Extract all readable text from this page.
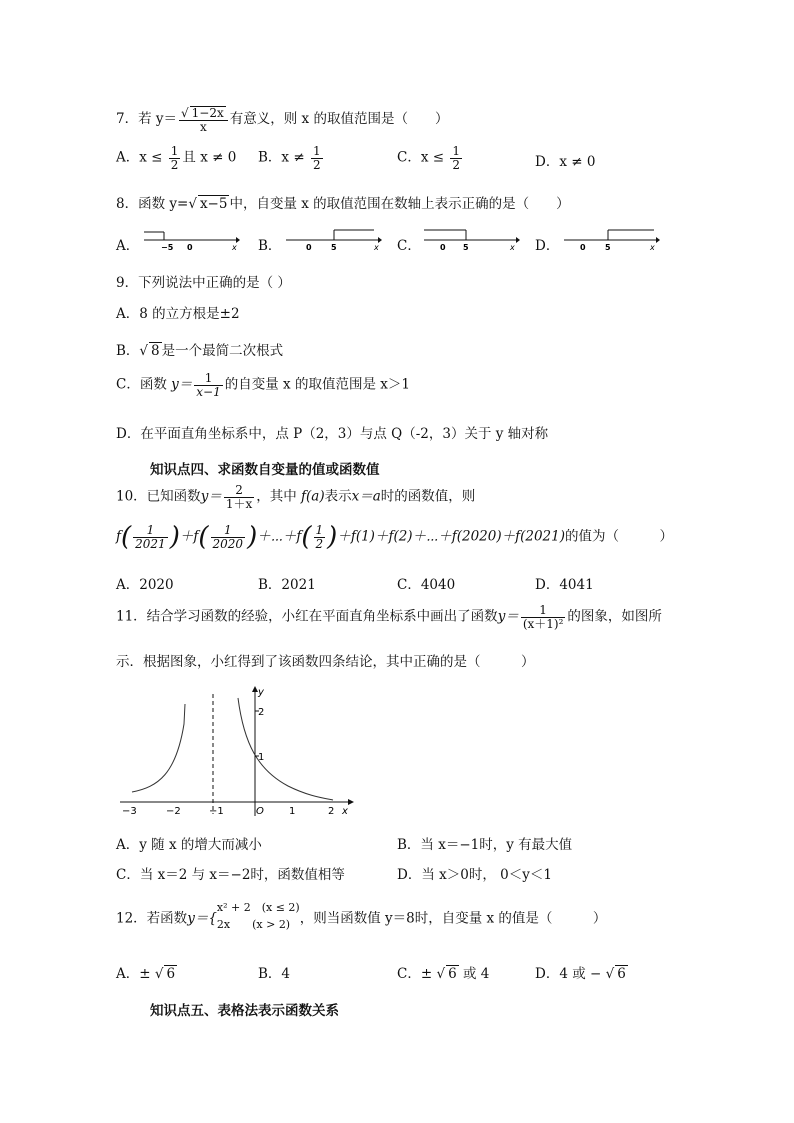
7．若 $y= \frac{√ 1-2x}{x}$ 有意义，则 x 的取值范围是（　　）
A．$x \le \frac{1}{2}$ 且 x ≠ 0 B．$x \ne \frac{1}{2}$	C．$x \le \frac{1}{2}$	D．x ≠ 0
8．函数 y=√ x−5 中，自变量 x 的取值范围在数轴上表示正确的是（　　）
A．	B．	C．	D．
−5 0	x	0 5	x	0 5	x	0 5	x
9．下列说法中正确的是（ ）
A．8 的立方根是±2
B．√ 8 是一个最简二次根式
C．函数 $y= \frac{1}{x-1}$ 的自变量 x 的取值范围是 x＞1
D．在平面直角坐标系中，点 P（2，3）与点 Q（-2，3）关于 y 轴对称
知识点四、求函数自变量的值或函数值
10．已知函数$y= \frac{2}{1+x}$ ，其中 f(a)表示x＝a时的函数值，则
$f( \frac{1}{2021} )+f( \frac{1}{2020}$ )＋⋯＋f( $\frac{1}{2}$ )＋f(1)＋f(2)＋⋯＋f(2020)＋f(2021)的值为（　　　）
A．2020	B．2021	C．4040	D．4041
11．结合学习函数的经验，小红在平面直角坐标系中画出了函数$y= \frac{1}{\text{(x＋1)²}}$ 的图象，如图所
示．根据图象，小红得到了该函数四条结论，其中正确的是（　　　）
−3	−2	−1	O	1	2 x
1
2
y
A．y 随 x 的增大而减小	B．当 x＝−1时，y 有最大值
C．当 x＝2 与 x＝−2时，函数值相等	D．当 x＞0时， 0＜y＜1
12．若函数y＝{
x² + 2　(x ≤ 2)
2x　　(x > 2) ，则当函数值 y＝8时，自变量 x 的值是（　　　）
A．± √ 6	B．4	C．± √ 6 或 4	D．4 或 − √ 6
知识点五、表格法表示函数关系
